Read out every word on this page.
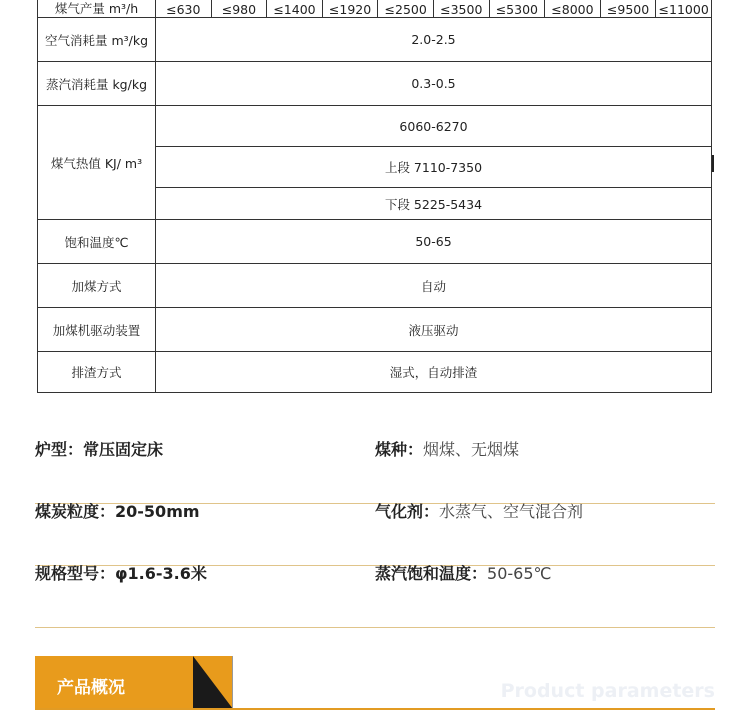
煤气产量 m³/h	≤630	≤980	≤1400	≤1920	≤2500	≤3500	≤5300	≤8000	≤9500	≤11000
空气消耗量 m³/kg	2.0-2.5									
蒸汽消耗量 kg/kg	0.3-0.5									
煤气热值 KJ/ m³	6060-6270									
	上段 7110-7350									
	下段 5225-5434									
饱和温度℃	50-65									
加煤方式	自动									
加煤机驱动装置	液压驱动									
排渣方式	湿式，自动排渣									
炉型：常压固定床	煤种：烟煤、无烟煤
煤炭粒度：20-50mm	气化剂：水蒸气、空气混合剂
规格型号：φ1.6-3.6米	蒸汽饱和温度：50-65℃
产品概况	Product parameters
